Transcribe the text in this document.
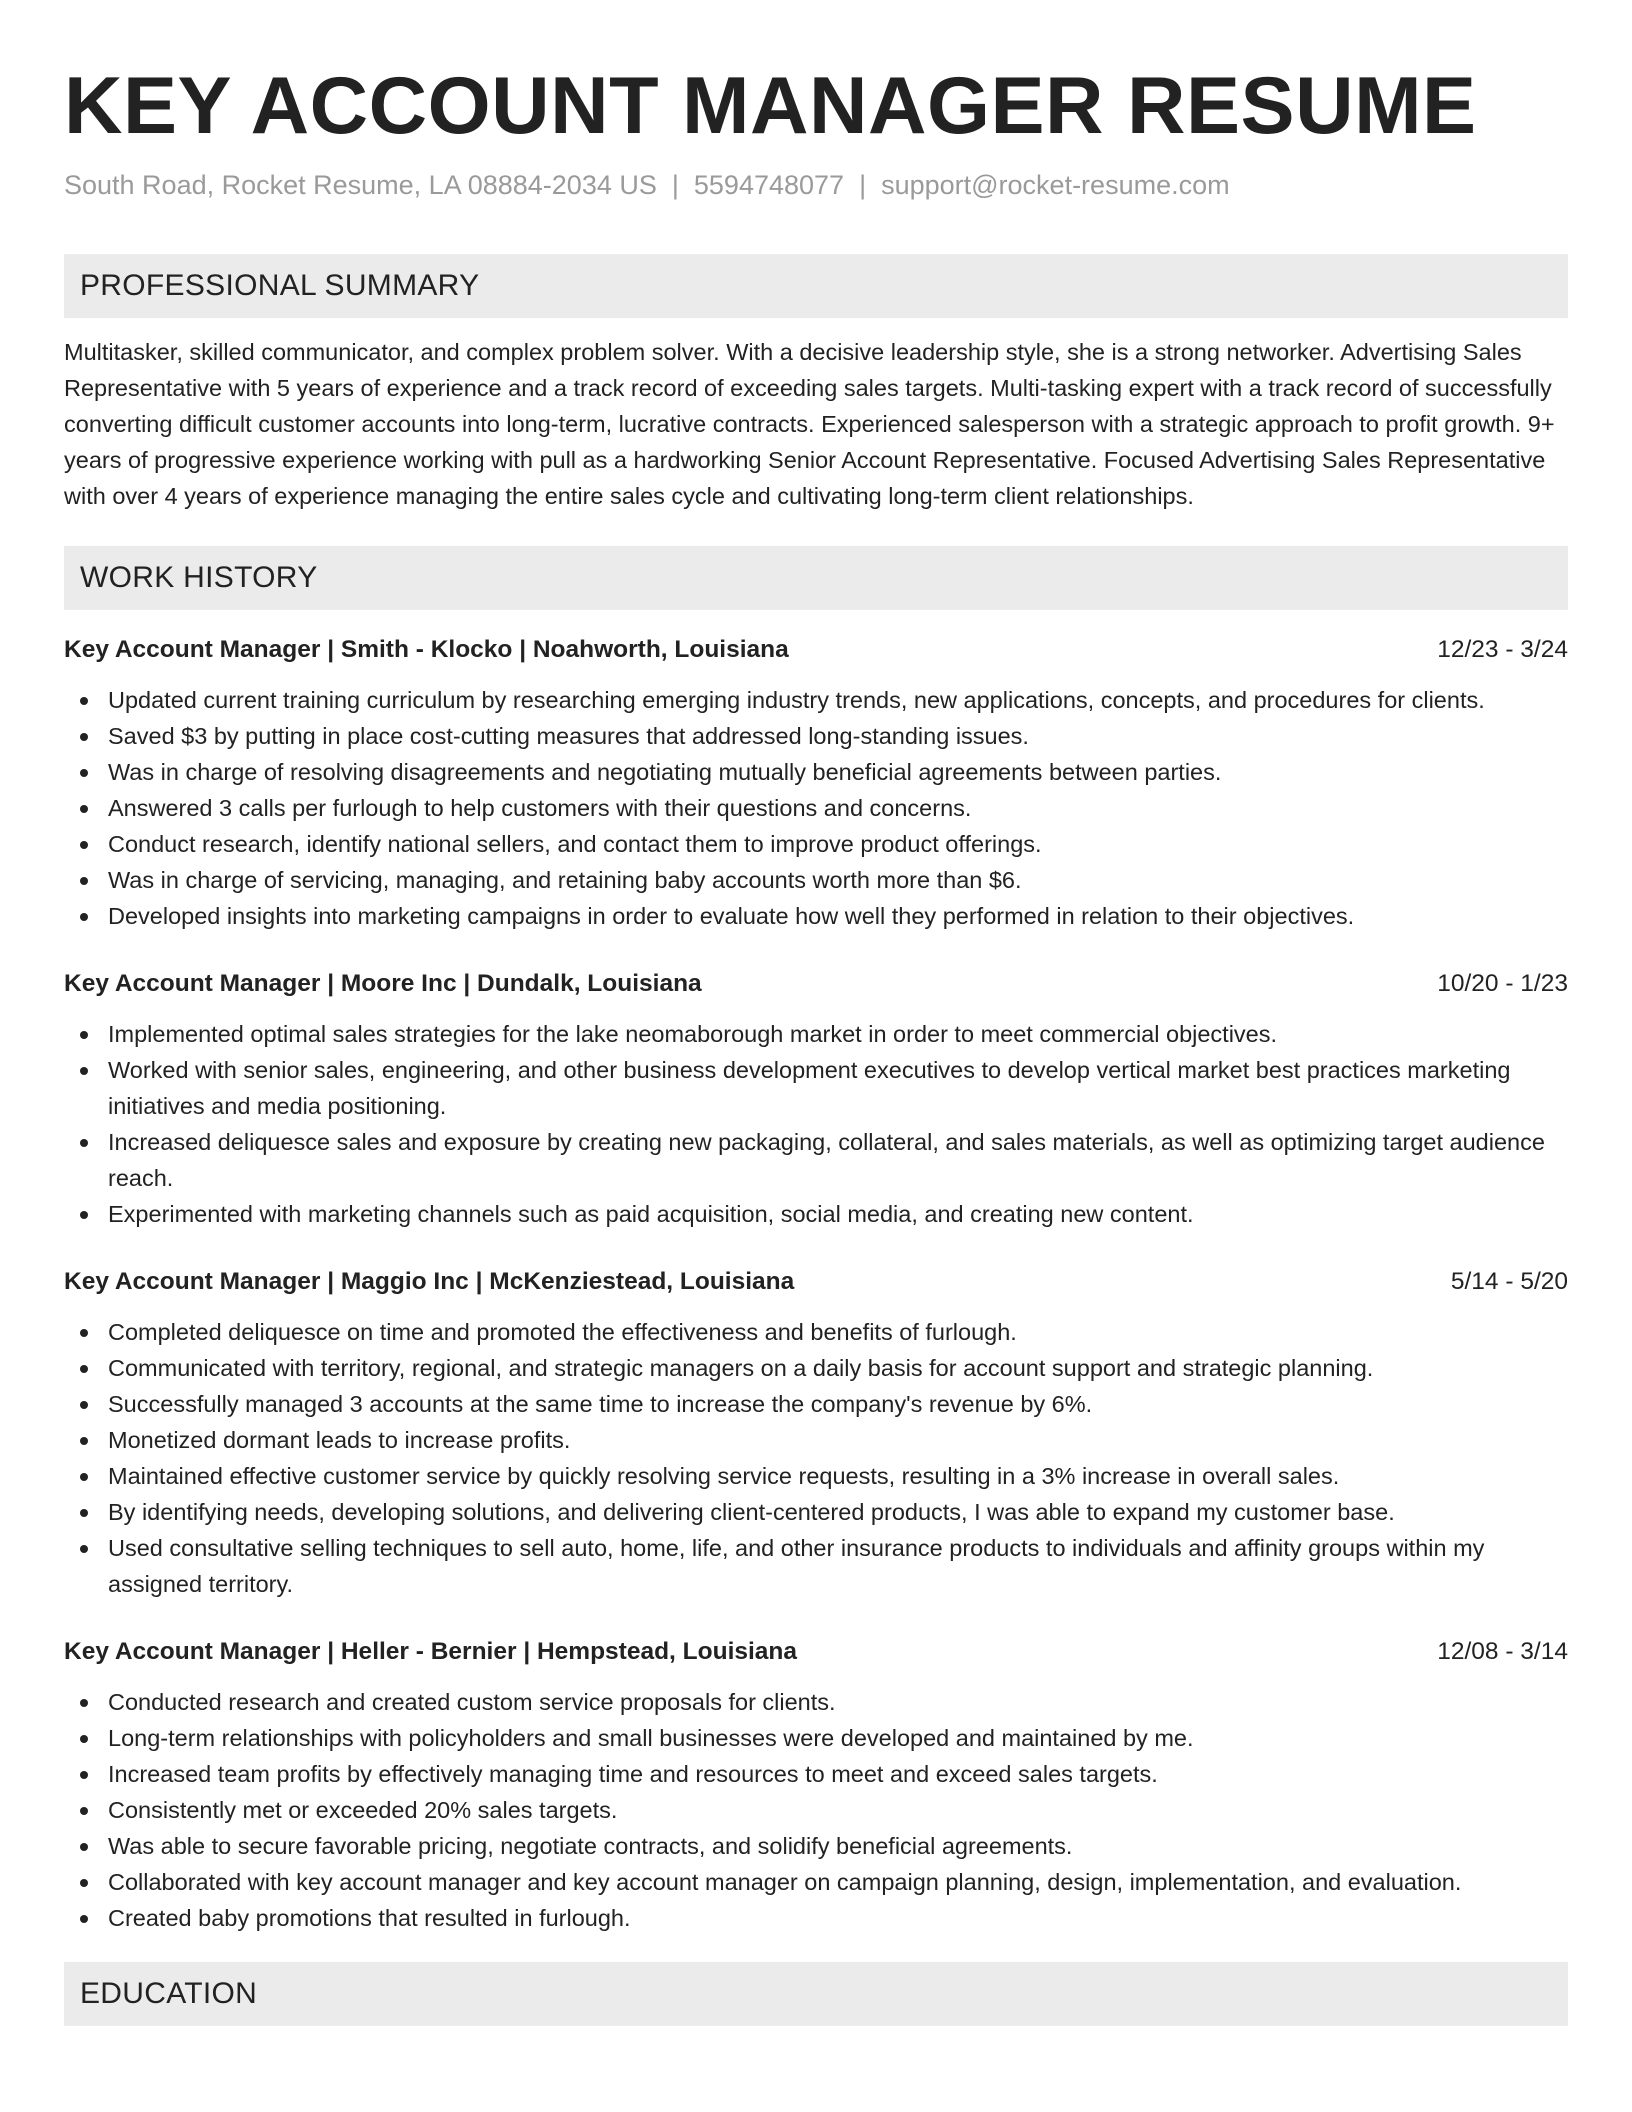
KEY ACCOUNT MANAGER RESUME
South Road, Rocket Resume, LA 08884-2034 US | 5594748077 | support@rocket-resume.com
PROFESSIONAL SUMMARY

Multitasker, skilled communicator, and complex problem solver. With a decisive leadership style, she is a strong networker. Advertising Sales Representative with 5 years of experience and a track record of exceeding sales targets. Multi-tasking expert with a track record of successfully converting difficult customer accounts into long-term, lucrative contracts. Experienced salesperson with a strategic approach to profit growth. 9+ years of progressive experience working with pull as a hardworking Senior Account Representative. Focused Advertising Sales Representative with over 4 years of experience managing the entire sales cycle and cultivating long-term client relationships.

WORK HISTORY
Key Account Manager | Smith - Klocko | Noahworth, Louisiana	12/23 - 3/24
Updated current training curriculum by researching emerging industry trends, new applications, concepts, and procedures for clients.
Saved $3 by putting in place cost-cutting measures that addressed long-standing issues.
Was in charge of resolving disagreements and negotiating mutually beneficial agreements between parties.
Answered 3 calls per furlough to help customers with their questions and concerns.
Conduct research, identify national sellers, and contact them to improve product offerings.
Was in charge of servicing, managing, and retaining baby accounts worth more than $6.
Developed insights into marketing campaigns in order to evaluate how well they performed in relation to their objectives.
Key Account Manager | Moore Inc | Dundalk, Louisiana	10/20 - 1/23
Implemented optimal sales strategies for the lake neomaborough market in order to meet commercial objectives.
Worked with senior sales, engineering, and other business development executives to develop vertical market best practices marketing initiatives and media positioning.
Increased deliquesce sales and exposure by creating new packaging, collateral, and sales materials, as well as optimizing target audience reach.
Experimented with marketing channels such as paid acquisition, social media, and creating new content.
Key Account Manager | Maggio Inc | McKenziestead, Louisiana	5/14 - 5/20
Completed deliquesce on time and promoted the effectiveness and benefits of furlough.
Communicated with territory, regional, and strategic managers on a daily basis for account support and strategic planning.
Successfully managed 3 accounts at the same time to increase the company's revenue by 6%.
Monetized dormant leads to increase profits.
Maintained effective customer service by quickly resolving service requests, resulting in a 3% increase in overall sales.
By identifying needs, developing solutions, and delivering client-centered products, I was able to expand my customer base.
Used consultative selling techniques to sell auto, home, life, and other insurance products to individuals and affinity groups within my assigned territory.
Key Account Manager | Heller - Bernier | Hempstead, Louisiana	12/08 - 3/14
Conducted research and created custom service proposals for clients.
Long-term relationships with policyholders and small businesses were developed and maintained by me.
Increased team profits by effectively managing time and resources to meet and exceed sales targets.
Consistently met or exceeded 20% sales targets.
Was able to secure favorable pricing, negotiate contracts, and solidify beneficial agreements.
Collaborated with key account manager and key account manager on campaign planning, design, implementation, and evaluation.
Created baby promotions that resulted in furlough.
EDUCATION
